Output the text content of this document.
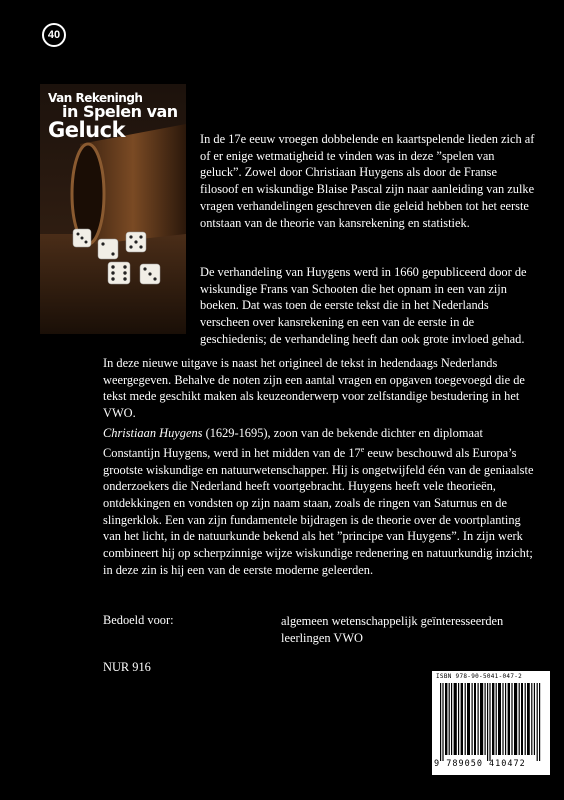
40
Van Rekeningh
in Spelen van
Geluck	In de 17e eeuw vroegen dobbelende en kaartspelende lieden zich af of er enige wetmatigheid te vinden was in deze ”spelen van geluck”. Zowel door Christiaan Huygens als door de Franse filosoof en wiskundige Blaise Pascal zijn naar aanleiding van zulke vragen verhandelingen geschreven die geleid hebben tot het eerste ontstaan van de theorie van kansrekening en statistiek.
De verhandeling van Huygens werd in 1660 gepubliceerd door de wiskundige Frans van Schooten die het opnam in een van zijn boeken. Dat was toen de eerste tekst die in het Nederlands verscheen over kansrekening en een van de eerste in de geschiedenis; de verhandeling heeft dan ook grote invloed gehad.
In deze nieuwe uitgave is naast het origineel de tekst in hedendaags Nederlands weergegeven. Behalve de noten zijn een aantal vragen en opgaven toegevoegd die de tekst mede geschikt maken als keuzeonderwerp voor zelfstandige bestudering in het VWO.
Christiaan Huygens (1629-1695), zoon van de bekende dichter en diplomaat Constantijn Huygens, werd in het midden van de 17e eeuw beschouwd als Europa’s grootste wiskundige en natuurwetenschapper. Hij is ongetwijfeld één van de geniaalste onderzoekers die Nederland heeft voortgebracht. Huygens heeft vele theorieën, ontdekkingen en vondsten op zijn naam staan, zoals de ringen van Saturnus en de slingerklok. Een van zijn fundamentele bijdragen is de theorie over de voortplanting van het licht, in de natuurkunde bekend als het ”principe van Huygens”. In zijn werk combineert hij op scherpzinnige wijze wiskundige redenering en natuurkundig inzicht; in deze zin is hij een van de eerste moderne geleerden.
Bedoeld voor:	algemeen wetenschappelijk geïnteresseerden
leerlingen VWO
NUR 916
ISBN 978-90-5041-047-2
9 789050 410472
